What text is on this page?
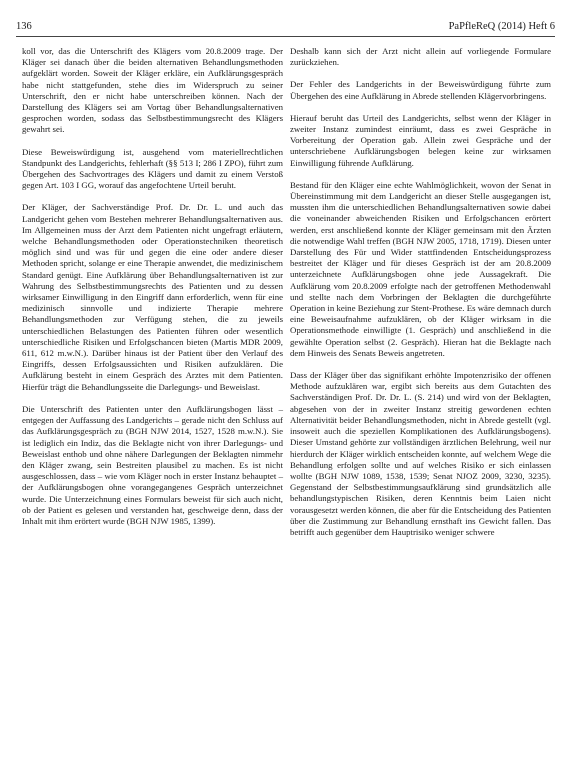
136	PaPfleReQ (2014) Heft 6

koll vor, das die Unterschrift des Klägers vom 20.8.2009 trage. Der Kläger sei danach über die beiden alternativen Behandlungsmethoden aufgeklärt worden. Soweit der Kläger erkläre, ein Aufklärungsgespräch habe nicht stattgefunden, stehe dies im Widerspruch zu seiner Unterschrift, den er nicht habe unterschreiben können. Nach der Darstellung des Klägers sei am Vortag über Behandlungsalternativen gesprochen worden, sodass das Selbstbestimmungsrecht des Klägers gewahrt sei.

Diese Beweiswürdigung ist, ausgehend vom materiellrechtlichen Standpunkt des Landgerichts, fehlerhaft (§§ 513 I; 286 I ZPO), führt zum Übergehen des Sachvortrages des Klägers und damit zu einem Verstoß gegen Art. 103 I GG, worauf das angefochtene Urteil beruht.

Der Kläger, der Sachverständige Prof. Dr. Dr. L. und auch das Landgericht gehen vom Bestehen mehrerer Behandlungsalternativen aus. Im Allgemeinen muss der Arzt dem Patienten nicht ungefragt erläutern, welche Behandlungsmethoden oder Operationstechniken theoretisch möglich sind und was für und gegen die eine oder andere dieser Methoden spricht, solange er eine Therapie anwendet, die medizinischem Standard genügt. Eine Aufklärung über Behandlungsalternativen ist zur Wahrung des Selbstbestimmungsrechts des Patienten und zu dessen wirksamer Einwilligung in den Eingriff dann erforderlich, wenn für eine medizinisch sinnvolle und indizierte Therapie mehrere Behandlungsmethoden zur Verfügung stehen, die zu jeweils unterschiedlichen Belastungen des Patienten führen oder wesentlich unterschiedliche Risiken und Erfolgschancen bieten (Martis MDR 2009, 611, 612 m.w.N.). Darüber hinaus ist der Patient über den Verlauf des Eingriffs, dessen Erfolgsaussichten und Risiken aufzuklären. Die Aufklärung besteht in einem Gespräch des Arztes mit dem Patienten. Hierfür trägt die Behandlungsseite die Darlegungs- und Beweislast.

Die Unterschrift des Patienten unter den Aufklärungsbogen lässt – entgegen der Auffassung des Landgerichts – gerade nicht den Schluss auf das Aufklärungsgespräch zu (BGH NJW 2014, 1527, 1528 m.w.N.). Sie ist lediglich ein Indiz, das die Beklagte nicht von ihrer Darlegungs- und Beweislast enthob und ohne nähere Darlegungen der Beklagten nimmehr den Kläger zwang, sein Bestreiten plausibel zu machen. Es ist nicht ausgeschlossen, dass – wie vom Kläger noch in erster Instanz behauptet – der Aufklärungsbogen ohne vorangegangenes Gespräch unterzeichnet wurde. Die Unterzeichnung eines Formulars beweist für sich auch nicht, ob der Patient es gelesen und verstanden hat, geschweige denn, dass der Inhalt mit ihm erörtert wurde (BGH NJW 1985, 1399).

Deshalb kann sich der Arzt nicht allein auf vorliegende Formulare zurückziehen.

Der Fehler des Landgerichts in der Beweiswürdigung führte zum Übergehen des eine Aufklärung in Abrede stellenden Klägervorbringens.

Hierauf beruht das Urteil des Landgerichts, selbst wenn der Kläger in zweiter Instanz zumindest einräumt, dass es zwei Gespräche in Vorbereitung der Operation gab. Allein zwei Gespräche und der unterschriebene Aufklärungsbogen belegen keine zur wirksamen Einwilligung führende Aufklärung.

Bestand für den Kläger eine echte Wahlmöglichkeit, wovon der Senat in Übereinstimmung mit dem Landgericht an dieser Stelle ausgegangen ist, mussten ihm die unterschiedlichen Behandlungsalternativen sowie dabei die voneinander abweichenden Risiken und Erfolgschancen erörtert werden, erst anschließend konnte der Kläger gemeinsam mit den Ärzten die notwendige Wahl treffen (BGH NJW 2005, 1718, 1719). Diesen unter Darstellung des Für und Wider stattfindenden Entscheidungsprozess bestreitet der Kläger und für dieses Gespräch ist der am 20.8.2009 unterzeichnete Aufklärungsbogen ohne jede Aussagekraft. Die Aufklärung vom 20.8.2009 erfolgte nach der getroffenen Methodenwahl und stellte nach dem Vorbringen der Beklagten die durchgeführte Operation in keine Beziehung zur Stent-Prothese. Es wäre demnach durch eine Beweisaufnahme aufzuklären, ob der Kläger wirksam in die Operationsmethode einwilligte (1. Gespräch) und anschließend in die gewählte Operation selbst (2. Gespräch). Hieran hat die Beklagte nach dem Hinweis des Senats Beweis angetreten.

Dass der Kläger über das signifikant erhöhte Impotenzrisiko der offenen Methode aufzuklären war, ergibt sich bereits aus dem Gutachten des Sachverständigen Prof. Dr. Dr. L. (S. 214) und wird von der Beklagten, abgesehen von der in zweiter Instanz streitig gewordenen echten Alternativität beider Behandlungsmethoden, nicht in Abrede gestellt (vgl. insoweit auch die speziellen Komplikationen des Aufklärungsbogens). Dieser Umstand gehörte zur vollständigen ärztlichen Belehrung, weil nur hierdurch der Kläger wirklich entscheiden konnte, auf welchem Wege die Behandlung erfolgen sollte und auf welches Risiko er sich einlassen wollte (BGH NJW 1089, 1538, 1539; Senat NJOZ 2009, 3230, 3235). Gegenstand der Selbstbestimmungsaufklärung sind grundsätzlich alle behandlungstypischen Risiken, deren Kenntnis beim Laien nicht vorausgesetzt werden können, die aber für die Entscheidung des Patienten über die Zustimmung zur Behandlung ernsthaft ins Gewicht fallen. Das betrifft auch gegenüber dem Hauptrisiko weniger schwere
